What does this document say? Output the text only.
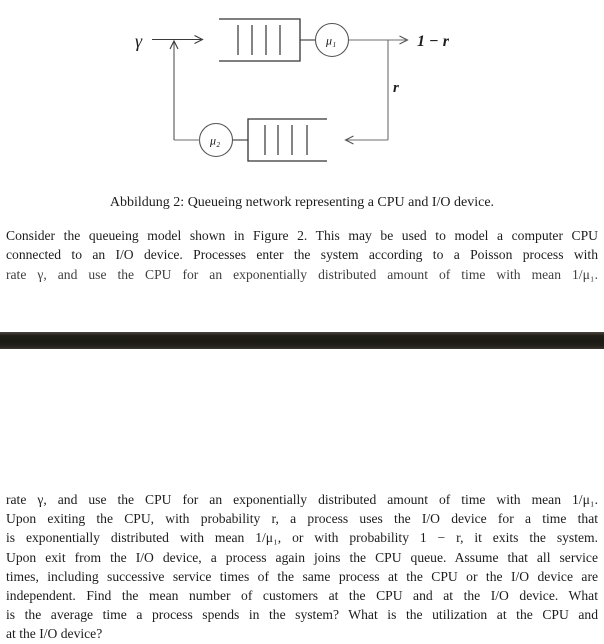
γ	μ₁	1 − r
r
μ₂
Abbildung 2: Queueing network representing a CPU and I/O device.
Consider the queueing model shown in Figure 2. This may be used to model a computer CPU
connected to an I/O device. Processes enter the system according to a Poisson process with
rate γ, and use the CPU for an exponentially distributed amount of time with mean 1/μ₁.
rate γ, and use the CPU for an exponentially distributed amount of time with mean 1/μ₁.
Upon exiting the CPU, with probability r, a process uses the I/O device for a time that
is exponentially distributed with mean 1/μ₁, or with probability 1 − r, it exits the system.
Upon exit from the I/O device, a process again joins the CPU queue. Assume that all service
times, including successive service times of the same process at the CPU or the I/O device are
independent. Find the mean number of customers at the CPU and at the I/O device. What
is the average time a process spends in the system? What is the utilization at the CPU and
at the I/O device?
